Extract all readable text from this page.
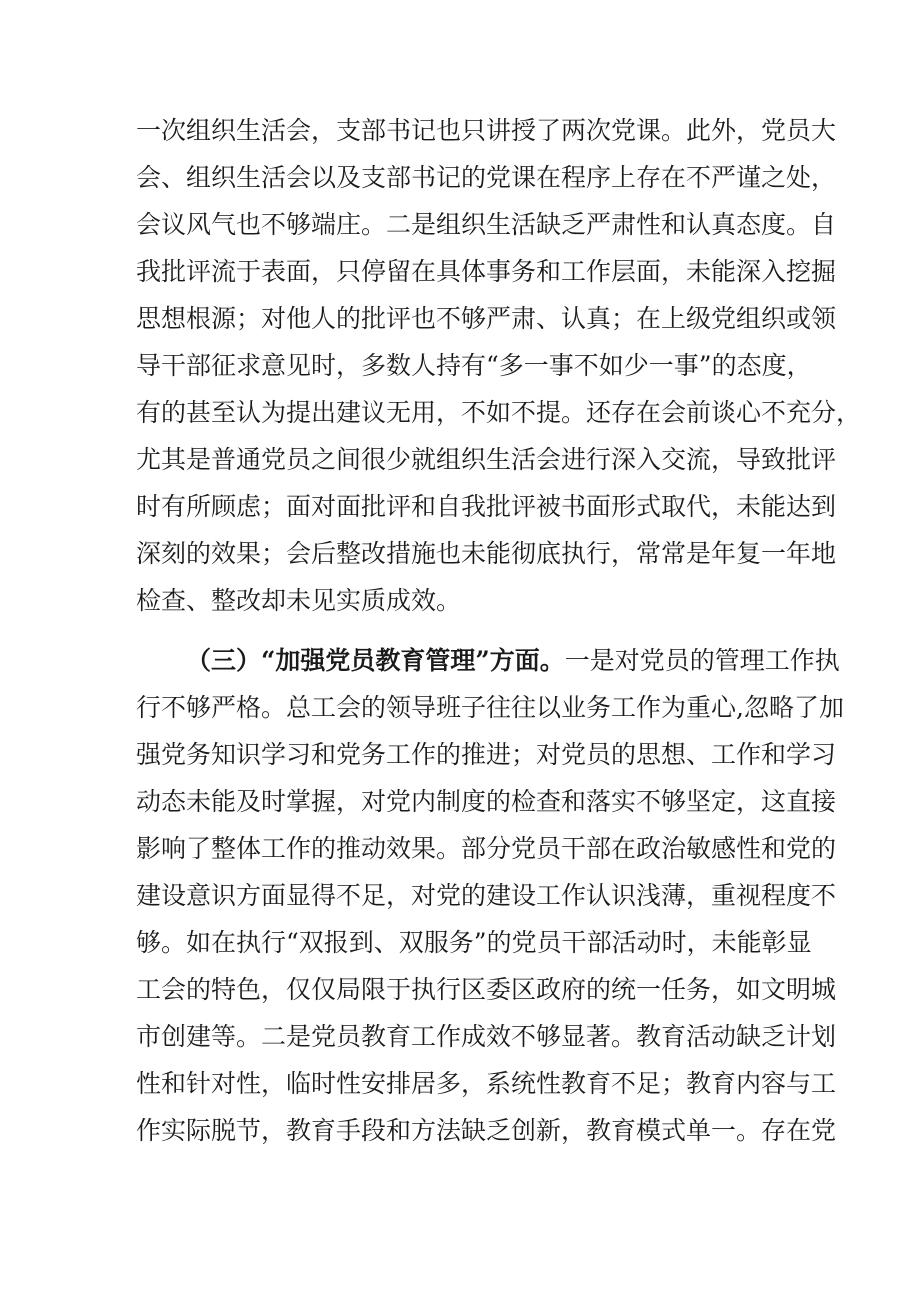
一次组织生活会，支部书记也只讲授了两次党课。此外，党员大
会、组织生活会以及支部书记的党课在程序上存在不严谨之处，
会议风气也不够端庄。二是组织生活缺乏严肃性和认真态度。自
我批评流于表面，只停留在具体事务和工作层面，未能深入挖掘
思想根源；对他人的批评也不够严肃、认真；在上级党组织或领
导干部征求意见时，多数人持有“多一事不如少一事”的态度，
有的甚至认为提出建议无用，不如不提。还存在会前谈心不充分，
尤其是普通党员之间很少就组织生活会进行深入交流，导致批评
时有所顾虑；面对面批评和自我批评被书面形式取代，未能达到
深刻的效果；会后整改措施也未能彻底执行，常常是年复一年地
检查、整改却未见实质成效。
（三）“加强党员教育管理”方面。一是对党员的管理工作执
行不够严格。总工会的领导班子往往以业务工作为重心,忽略了加
强党务知识学习和党务工作的推进；对党员的思想、工作和学习
动态未能及时掌握，对党内制度的检查和落实不够坚定，这直接
影响了整体工作的推动效果。部分党员干部在政治敏感性和党的
建设意识方面显得不足，对党的建设工作认识浅薄，重视程度不
够。如在执行“双报到、双服务”的党员干部活动时，未能彰显
工会的特色，仅仅局限于执行区委区政府的统一任务，如文明城
市创建等。二是党员教育工作成效不够显著。教育活动缺乏计划
性和针对性，临时性安排居多，系统性教育不足；教育内容与工
作实际脱节，教育手段和方法缺乏创新，教育模式单一。存在党
